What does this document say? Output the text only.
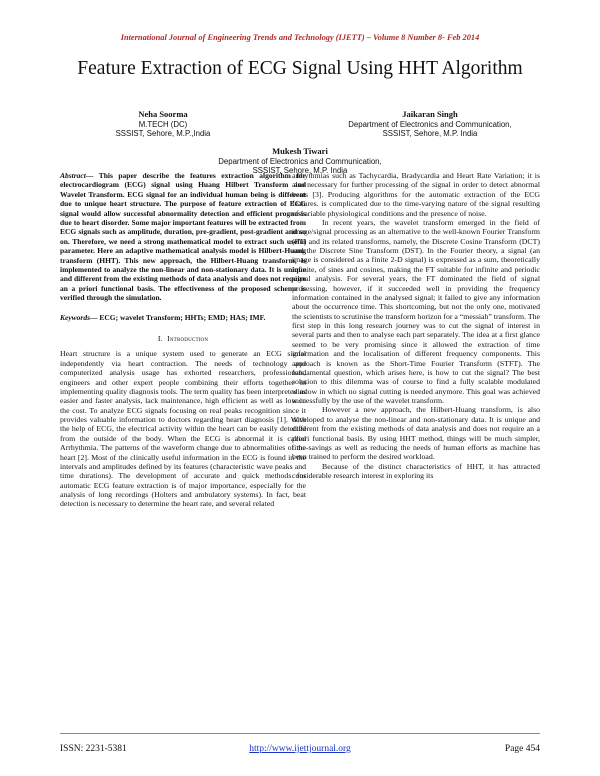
International Journal of Engineering Trends and Technology (IJETT) – Volume 8 Number 8- Feb 2014
Feature Extraction of ECG Signal Using HHT Algorithm
Neha Soorma
M.TECH (DC)
SSSIST, Sehore, M.P.,India
Jaikaran Singh
Department of Electronics and Communication,
SSSIST, Sehore, M.P. India
Mukesh Tiwari
Department of Electronics and Communication,
SSSIST, Sehore, M.P. India

Abstract— This paper describe the features extraction algorithm for electrocardiogram (ECG) signal using Huang Hilbert Transform and Wavelet Transform. ECG signal for an individual human being is different due to unique heart structure. The purpose of feature extraction of ECG signal would allow successful abnormality detection and efficient prognosis due to heart disorder. Some major important features will be extracted from ECG signals such as amplitude, duration, pre-gradient, post-gradient and so on. Therefore, we need a strong mathematical model to extract such useful parameter. Here an adaptive mathematical analysis model is Hilbert-Huang transform (HHT). This new approach, the Hilbert-Huang transform, is implemented to analyze the non-linear and non-stationary data. It is unique and different from the existing methods of data analysis and does not require an a priori functional basis. The effectiveness of the proposed scheme is verified through the simulation.

Keywords— ECG; wavelet Transform; HHTs; EMD; HAS; IMF.

I. Introduction

Heart structure is a unique system used to generate an ECG signal independently via heart contraction. The needs of technology and computerized analysis usage has exhorted researchers, professionals, engineers and other expert people combining their efforts together in implementing quality diagnosis tools. The term quality has been interpreted as easier and faster analysis, lack maintenance, high efficient as well as low in the cost. To analyze ECG signals focusing on real peaks recognition since it provides valuable information to doctors regarding heart diagnosis [1]. With the help of ECG, the electrical activity within the heart can be easily detected from the outside of the body. When the ECG is abnormal it is called Arrhythmia. The patterns of the waveform change due to abnormalities of the heart [2]. Most of the clinically useful information in the ECG is found in the intervals and amplitudes defined by its features (characteristic wave peaks and time durations). The development of accurate and quick methods for automatic ECG feature extraction is of major importance, especially for the analysis of long recordings (Holters and ambulatory systems). In fact, beat detection is necessary to determine the heart rate, and several related

arrhythmias such as Tachycardia, Bradycardia and Heart Rate Variation; it is also necessary for further processing of the signal in order to detect abnormal beats [3]. Producing algorithms for the automatic extraction of the ECG features. is complicated due to the time-varying nature of the signal resulting of variable physiological conditions and the presence of noise.

In recent years, the wavelet transform emerged in the field of image/signal processing as an alternative to the well-known Fourier Transform (FT) and its related transforms, namely, the Discrete Cosine Transform (DCT) and the Discrete Sine Transform (DST). In the Fourier theory, a signal (an image is considered as a finite 2-D signal) is expressed as a sum, theoretically infinite, of sines and cosines, making the FT suitable for infinite and periodic signal analysis. For several years, the FT dominated the field of signal processing, however, if it succeeded well in providing the frequency information contained in the analysed signal; it failed to give any information about the occurrence time. This shortcoming, but not the only one, motivated the scientists to scrutinise the transform horizon for a “messiah” transform. The first step in this long research journey was to cut the signal of interest in several parts and then to analyse each part separately. The idea at a first glance seemed to be very promising since it allowed the extraction of time information and the localisation of different frequency components. This approach is known as the Short-Time Fourier Transform (STFT). The fundamental question, which arises here, is how to cut the signal? The best solution to this dilemma was of course to find a fully scalable modulated window in which no signal cutting is needed anymore. This goal was achieved successfully by the use of the wavelet transform.

However a new approach, the Hilbert-Huang transform, is also developed to analyse the non-linear and non-stationary data. It is unique and different from the existing methods of data analysis and does not require an a priori functional basis. By using HHT method, things will be much simpler, time-savings as well as reducing the needs of human efforts as machine has been trained to perform the desired workload.

Because of the distinct characteristics of HHT, it has attracted considerable research interest in exploring its

ISSN: 2231-5381	http://www.ijettjournal.org	Page 454
